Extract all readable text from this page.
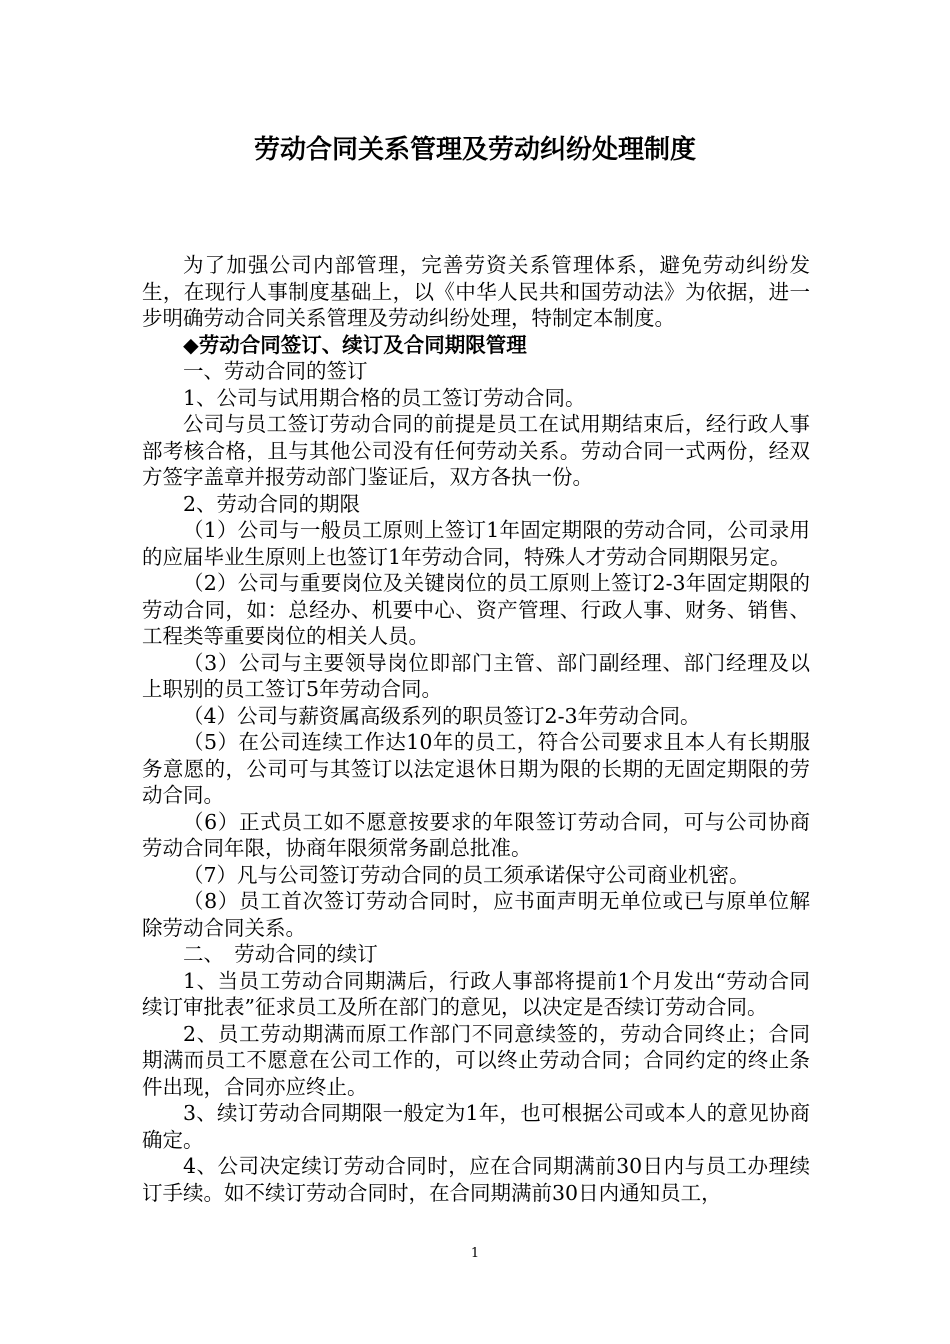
劳动合同关系管理及劳动纠纷处理制度

为了加强公司内部管理，完善劳资关系管理体系，避免劳动纠纷发生，在现行人事制度基础上，以《中华人民共和国劳动法》为依据，进一步明确劳动合同关系管理及劳动纠纷处理，特制定本制度。

◆劳动合同签订、续订及合同期限管理

一、劳动合同的签订

1、公司与试用期合格的员工签订劳动合同。

公司与员工签订劳动合同的前提是员工在试用期结束后，经行政人事部考核合格，且与其他公司没有任何劳动关系。劳动合同一式两份，经双方签字盖章并报劳动部门鉴证后，双方各执一份。

2、劳动合同的期限

（1）公司与一般员工原则上签订1年固定期限的劳动合同，公司录用的应届毕业生原则上也签订1年劳动合同，特殊人才劳动合同期限另定。

（2）公司与重要岗位及关键岗位的员工原则上签订2-3年固定期限的劳动合同，如：总经办、机要中心、资产管理、行政人事、财务、销售、工程类等重要岗位的相关人员。

（3）公司与主要领导岗位即部门主管、部门副经理、部门经理及以上职别的员工签订5年劳动合同。

（4）公司与薪资属高级系列的职员签订2-3年劳动合同。

（5）在公司连续工作达10年的员工，符合公司要求且本人有长期服务意愿的，公司可与其签订以法定退休日期为限的长期的无固定期限的劳动合同。

（6）正式员工如不愿意按要求的年限签订劳动合同，可与公司协商劳动合同年限，协商年限须常务副总批准。

（7）凡与公司签订劳动合同的员工须承诺保守公司商业机密。

（8）员工首次签订劳动合同时，应书面声明无单位或已与原单位解除劳动合同关系。

二、　劳动合同的续订

1、当员工劳动合同期满后，行政人事部将提前1个月发出“劳动合同续订审批表”征求员工及所在部门的意见，以决定是否续订劳动合同。

2、员工劳动期满而原工作部门不同意续签的，劳动合同终止；合同期满而员工不愿意在公司工作的，可以终止劳动合同；合同约定的终止条件出现，合同亦应终止。

3、续订劳动合同期限一般定为1年，也可根据公司或本人的意见协商确定。

4、公司决定续订劳动合同时，应在合同期满前30日内与员工办理续订手续。如不续订劳动合同时，在合同期满前30日内通知员工，

1
